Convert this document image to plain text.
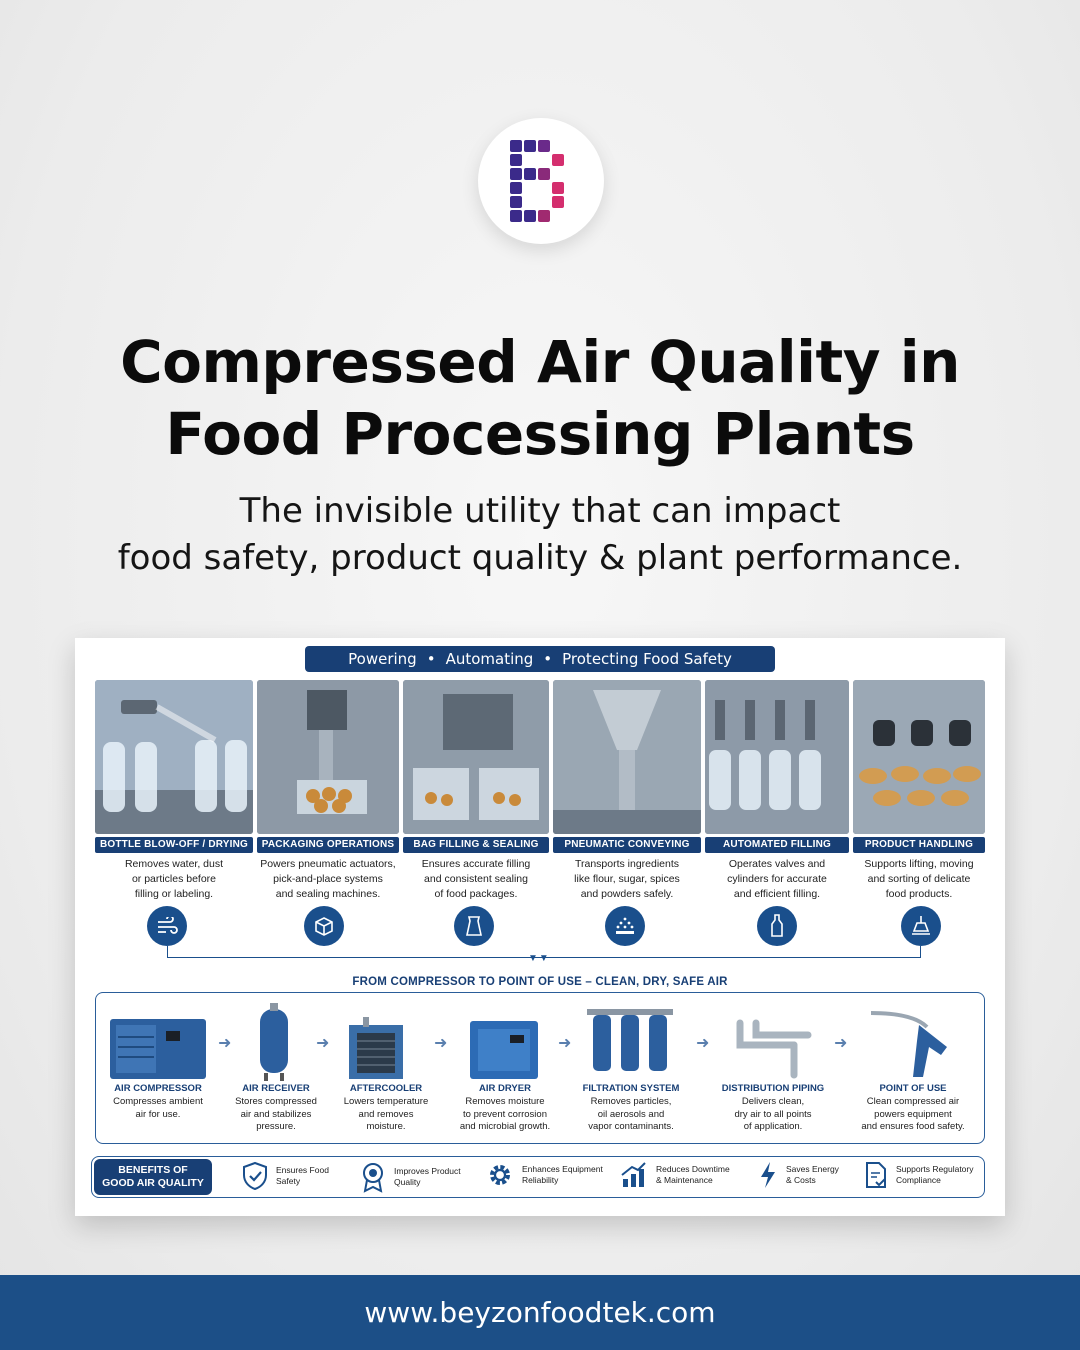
Compressed Air Quality in
Food Processing Plants
The invisible utility that can impact
food safety, product quality & plant performance.
Powering • Automating • Protecting Food Safety
BOTTLE BLOW-OFF / DRYING	PACKAGING OPERATIONS	BAG FILLING & SEALING	PNEUMATIC CONVEYING	AUTOMATED FILLING	PRODUCT HANDLING
Removes water, dust
or particles before
filling or labeling.
Powers pneumatic actuators,
pick-and-place systems
and sealing machines.
Ensures accurate filling
and consistent sealing
of food packages.
Transports ingredients
like flour, sugar, spices
and powders safely.
Operates valves and
cylinders for accurate
and efficient filling.
Supports lifting, moving
and sorting of delicate
food products.
▼▼
FROM COMPRESSOR TO POINT OF USE – CLEAN, DRY, SAFE AIR
➜	➜	➜	➜	➜	➜
AIR COMPRESSOR	AIR RECEIVER	AFTERCOOLER	AIR DRYER	FILTRATION SYSTEM	DISTRIBUTION PIPING	POINT OF USE
Compresses ambient
air for use.
Stores compressed
air and stabilizes
pressure.
Lowers temperature
and removes
moisture.
Removes moisture
to prevent corrosion
and microbial growth.
Removes particles,
oil aerosols and
vapor contaminants.
Delivers clean,
dry air to all points
of application.
Clean compressed air
powers equipment
and ensures food safety.
BENEFITS OF
GOOD AIR QUALITY
Ensures Food
Safety
Improves Product
Quality
Enhances Equipment
Reliability
Reduces Downtime
& Maintenance
Saves Energy
& Costs
Supports Regulatory
Compliance
www.beyzonfoodtek.com
